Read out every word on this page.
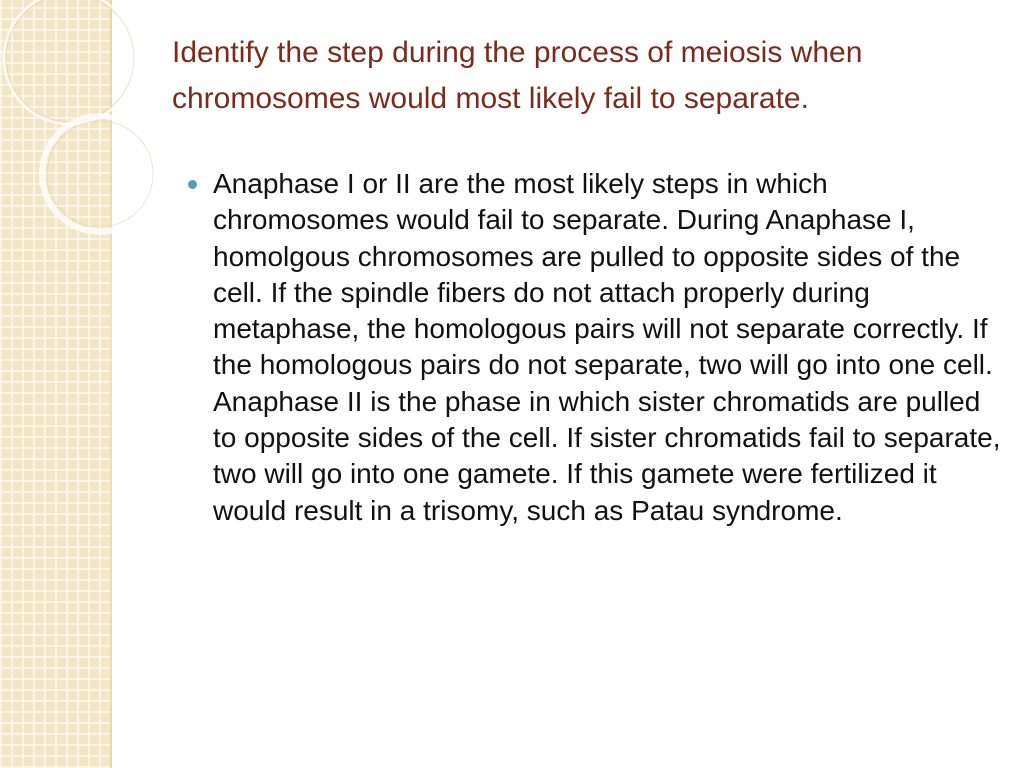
Identify the step during the process of meiosis when chromosomes would most likely fail to separate.
Anaphase I or II are the most likely steps in which chromosomes would fail to separate. During Anaphase I, homolgous chromosomes are pulled to opposite sides of the cell. If the spindle fibers do not attach properly during metaphase, the homologous pairs will not separate correctly. If the homologous pairs do not separate, two will go into one cell. Anaphase II is the phase in which sister chromatids are pulled to opposite sides of the cell. If sister chromatids fail to separate, two will go into one gamete. If this gamete were fertilized it would result in a trisomy, such as Patau syndrome.
